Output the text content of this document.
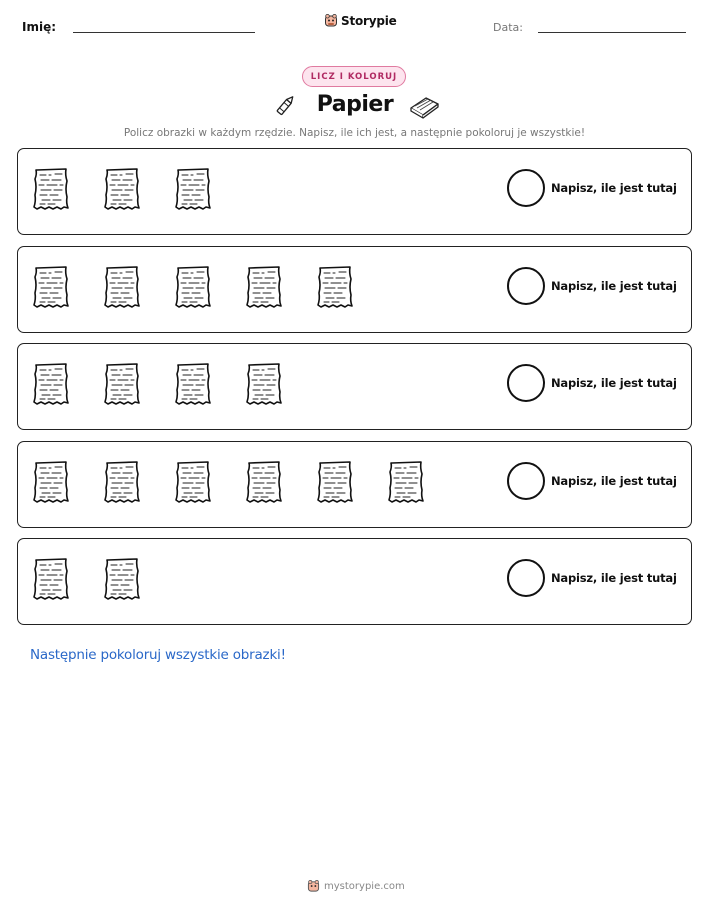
Imię:	Storypie	Data:
LICZ I KOLORUJ
Papier
Policz obrazki w każdym rzędzie. Napisz, ile ich jest, a następnie pokoloruj je wszystkie!
Napisz, ile jest tutaj
Napisz, ile jest tutaj
Napisz, ile jest tutaj
Napisz, ile jest tutaj
Napisz, ile jest tutaj
Następnie pokoloruj wszystkie obrazki!
mystorypie.com
